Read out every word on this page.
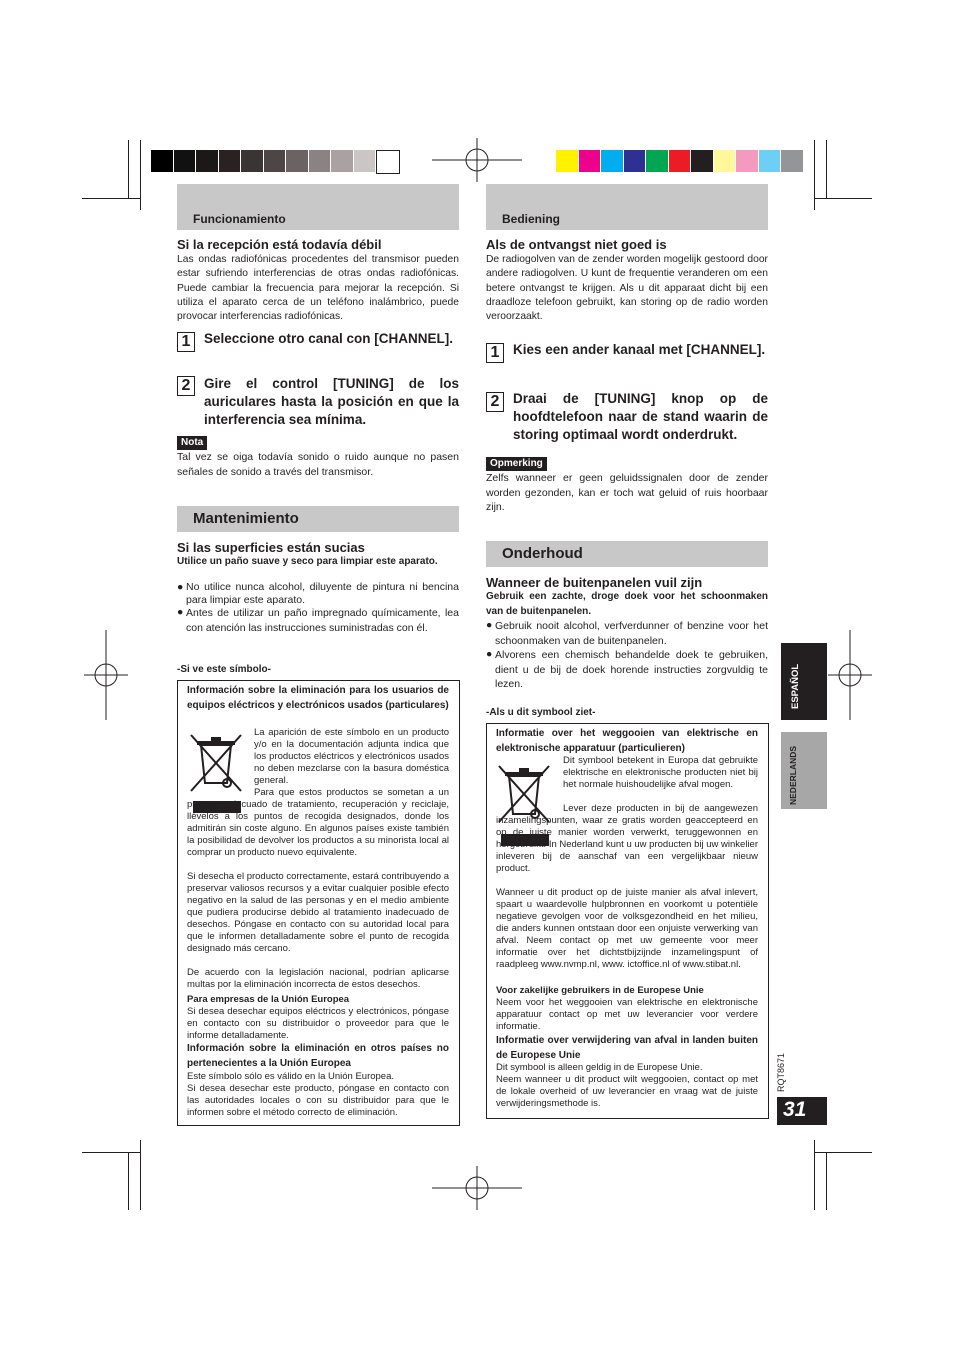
Funcionamiento
Si la recepción está todavía débil
Las ondas radiofónicas procedentes del transmisor pueden estar sufriendo interferencias de otras ondas radiofónicas. Puede cambiar la frecuencia para mejorar la recepción. Si utiliza el aparato cerca de un teléfono inalámbrico, puede provocar interferencias radiofónicas.
1	Seleccione otro canal con [CHANNEL].
2	Gire el control [TUNING] de los auriculares hasta la posición en que la interferencia sea mínima.
Nota
Tal vez se oiga todavía sonido o ruido aunque no pasen señales de sonido a través del transmisor.
Mantenimiento
Si las superficies están sucias
Utilice un paño suave y seco para limpiar este aparato.
● No utilice nunca alcohol, diluyente de pintura ni bencina para limpiar este aparato.
● Antes de utilizar un paño impregnado químicamente, lea con atención las instrucciones suministradas con él.
-Si ve este símbolo-
Información sobre la eliminación para los usuarios de equipos eléctricos y electrónicos usados (particulares)
La aparición de este símbolo en un producto y/o en la documentación adjunta indica que los productos eléctricos y electrónicos usados no deben mezclarse con la basura doméstica general.
Para que estos productos se sometan a un proceso adecuado de tratamiento, recuperación y reciclaje, llévelos a los puntos de recogida designados, donde los admitirán sin coste alguno. En algunos países existe también la posibilidad de devolver los productos a su minorista local al comprar un producto nuevo equivalente.
Si desecha el producto correctamente, estará contribuyendo a preservar valiosos recursos y a evitar cualquier posible efecto negativo en la salud de las personas y en el medio ambiente que pudiera producirse debido al tratamiento inadecuado de desechos. Póngase en contacto con su autoridad local para que le informen detalladamente sobre el punto de recogida designado más cercano.
De acuerdo con la legislación nacional, podrían aplicarse multas por la eliminación incorrecta de estos desechos.
Para empresas de la Unión Europea
Si desea desechar equipos eléctricos y electrónicos, póngase en contacto con su distribuidor o proveedor para que le informe detalladamente.
Información sobre la eliminación en otros países no pertenecientes a la Unión Europea
Este símbolo sólo es válido en la Unión Europea.
Si desea desechar este producto, póngase en contacto con las autoridades locales o con su distribuidor para que le informen sobre el método correcto de eliminación.
Bediening
Als de ontvangst niet goed is
De radiogolven van de zender worden mogelijk gestoord door andere radiogolven. U kunt de frequentie veranderen om een betere ontvangst te krijgen. Als u dit apparaat dicht bij een draadloze telefoon gebruikt, kan storing op de radio worden veroorzaakt.
1	Kies een ander kanaal met [CHANNEL].
2	Draai de [TUNING] knop op de hoofdtelefoon naar de stand waarin de storing optimaal wordt onderdrukt.
Opmerking
Zelfs wanneer er geen geluidssignalen door de zender worden gezonden, kan er toch wat geluid of ruis hoorbaar zijn.
Onderhoud
Wanneer de buitenpanelen vuil zijn
Gebruik een zachte, droge doek voor het schoonmaken van de buitenpanelen.
● Gebruik nooit alcohol, verfverdunner of benzine voor het schoonmaken van de buitenpanelen.
● Alvorens een chemisch behandelde doek te gebruiken, dient u de bij de doek horende instructies zorgvuldig te lezen.
-Als u dit symbool ziet-
Informatie over het weggooien van elektrische en elektronische apparatuur (particulieren)
Dit symbool betekent in Europa dat gebruikte elektrische en elektronische producten niet bij het normale huishoudelijke afval mogen.
Lever deze producten in bij de aangewezen inzamelingspunten, waar ze gratis worden geaccepteerd en op de juiste manier worden verwerkt, teruggewonnen en hergebruikt. In Nederland kunt u uw producten bij uw winkelier inleveren bij de aanschaf van een vergelijkbaar nieuw product.
Wanneer u dit product op de juiste manier als afval inlevert, spaart u waardevolle hulpbronnen en voorkomt u potentiële negatieve gevolgen voor de volksgezondheid en het milieu, die anders kunnen ontstaan door een onjuiste verwerking van afval. Neem contact op met uw gemeente voor meer informatie over het dichtstbijzijnde inzamelingspunt of raadpleeg www.nvmp.nl, www. ictoffice.nl of www.stibat.nl.
Voor zakelijke gebruikers in de Europese Unie
Neem voor het weggooien van elektrische en elektronische apparatuur contact op met uw leverancier voor verdere informatie.
Informatie over verwijdering van afval in landen buiten de Europese Unie
Dit symbool is alleen geldig in de Europese Unie.
Neem wanneer u dit product wilt weggooien, contact op met de lokale overheid of uw leverancier en vraag wat de juiste verwijderingsmethode is.
ESPAÑOL
NEDERLANDS
RQT8671
31
